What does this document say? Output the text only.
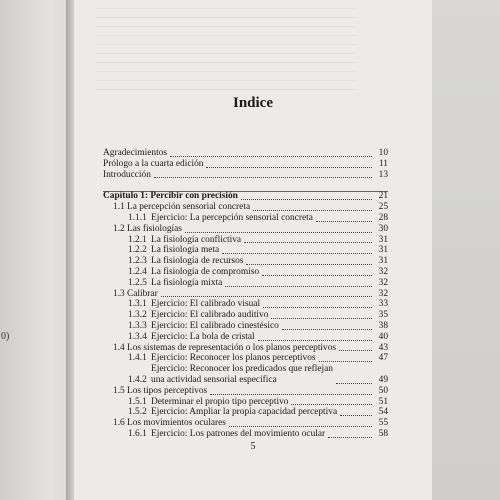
0)
Indice
Agradecimientos	10
Prólogo a la cuarta edición	11
Introducción	13
Capítulo 1: Percibir con precisión	21
1.1 La percepción sensorial concreta	25
1.1.1 Ejercicio: La percepción sensorial concreta	28
1.2 Las fisiologías	30
1.2.1 La fisiología conflictiva	31
1.2.2 La fisiología meta	31
1.2.3 La fisiología de recursos	31
1.2.4 La fisiología de compromiso	32
1.2.5 La fisiología mixta	32
1.3 Calibrar	32
1.3.1 Ejercicio: El calibrado visual	33
1.3.2 Ejercicio: El calibrado auditivo	35
1.3.3 Ejercicio: El calibrado cinestésico	38
1.3.4 Ejercicio: La bola de cristal	40
1.4 Los sistemas de representación o los planos perceptivos	43
1.4.1 Ejercicio: Reconocer los planos perceptivos	47
1.4.2
Ejercicio: Reconocer los predicados que reflejan
una actividad sensorial específica	49
1.5 Los tipos perceptivos	50
1.5.1 Determinar el propio tipo perceptivo	51
1.5.2 Ejercicio: Ampliar la propia capacidad perceptiva	54
1.6 Los movimientos oculares	55
1.6.1 Ejercicio: Los patrones del movimiento ocular	58
5
